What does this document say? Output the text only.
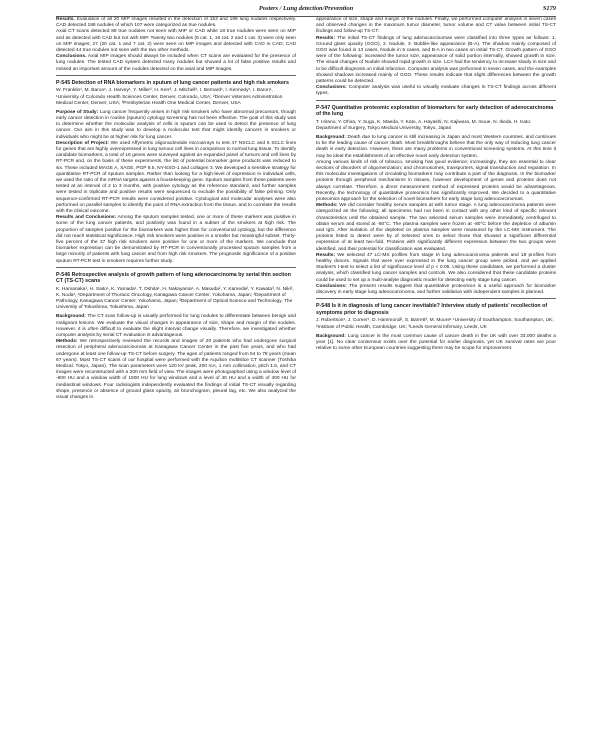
Posters / Lung detection/Prevention	S179

Results. Evaluation of all 20 MIP images resulted in the detection of 153 and 199 lung nodules respectively. CAD detected 186 nodules of which 107 were categorized as true nodules.

Axial CT scans detected 89 true nodules not seen with MIP or CAD while 18 true nodules were seen on MIP and as detected with CAD but not with MIP. Twenty two nodules (5 cat. 1, 16 cat. 2 and 1 cat. 3) were only seen on MIP images; 27 (20 cat. 1 and 7 cat. 2) were seen on MIP images and detected with CAD in CAD; CAD detected 44 true nodules not seen with the two other methods.

Conclusions. Axial MIP images should always be included when CT scans are evaluated for the presence of lung nodules. The tested CAD system detected many nodules but showed a lot of false positive results and missed an important amount of the nodules detected on the axial and MIP images.

P-545 Detection of RNA biomarkers in sputum of lung cancer patients and high risk smokers
W. Franklin¹, M. Baron¹, J. Harvey¹, Y. Miller², H. Kerr², J. Mitchell¹, I. Bernard¹, I. Kennedy¹, I. Baron¹, ¹University of Colorado Health Sciences Center, Denver, Colorado, USA; ²Denver Veterans Administration Medical Center, Denver, USA; ³Presbyterian Health One Medical Center, Denver, USA

Purpose of Study: Lung cancer frequently arises in high risk smokers who have abnormal precursors, though early cancer detection in routine (sputum) cytology screening has not been effective. The goal of this study was to determine whether the molecular analysis of cells in sputum can be used to detect the presence of lung cancer. Our aim in this study was to develop a molecular test that might identify cancers in smokers or individuals who might be at higher risk for lung cancer.

Description of Project: We used Affymetrix oligonucleotide microarrays to test 47 NSCLC and 6 SCLC lines for genes that are highly overexpressed in lung tumour cell lines in comparison to normal lung tissue. To identify candidate biomarkers, a total of 16 genes were surveyed against an expanded panel of tumors and cell lines by RT-PCR and, on the basis of these experiments, the list of potential biomarker gene products was reduced to six. These included MAGE A, XAGE, PGP 9.5, NY-ESO-1 and collagen 3. We developed a sensitive strategy for quantitative RT-PCR of sputum samples. Rather than looking for a high-level of expression in individual cells, we used the ratio of the mRNA targets against a housekeeping gene. Sputum samples from these patients were tested at an interval of 2 to 3 months, with positive cytology as the reference standard, and further samples were tested in triplicate and positive results were sequenced to exclude the possibility of false priming. Only sequence-confirmed RT-PCR results were considered positive. Cytological and molecular analyses were also performed on parallel samples to identify the point of RNA extraction from the tissue, and to correlate the results with the clinical outcome.

Results and Conclusions: Among the sputum samples tested, one or more of these markers was positive in some of the lung cancer patients, and positivity was found in a subset of the smokers at high risk. The proportion of samples positive for the biomarkers was higher than for conventional cytology, but the difference did not reach statistical significance. High risk smokers were positive in a smaller but meaningful subset. Thirty-five percent of the 37 high risk smokers were positive for one or more of the markers. We conclude that biomarker expression can be demonstrated by RT-PCR in conventionally processed sputum samples from a large minority of patients with lung cancer and from high risk smokers. The prognostic significance of a positive sputum RT-PCR test in smokers requires further study.

P-546 Retrospective analysis of growth pattern of lung adenocarcinoma by serial thin section CT (TS-CT) scans
K. Hamanaka¹, H. Saito¹, K. Yamada¹, T. Oshita¹, H. Nakayama¹, A. Masuda², Y. Kameda², Y. Kawata³, N. Niki³, K. Noda¹, ¹Department of Thoracic Oncology, Kanagawa Cancer Center, Yokohama, Japan; ²Department of Pathology, Kanagawa Cancer Center, Yokohama, Japan; ³Department of Optical Science and Technology, The University of Tokushima, Tokushima, Japan

Background: The CT scan follow-up is usually performed for lung nodules to differentiate between benign and malignant lesions. We evaluate the visual changes in appearance of size, shape and margin of the nodules. However, it is often difficult to evaluate the slight interval change visually. Therefore, we investigated whether computer analysis by serial CT evaluation is advantageous.

Methods: We retrospectively reviewed the records and images of 20 patients who had undergone surgical resection of peripheral adenocarcinomas at Kanagawa Cancer Center in the past five years, and who had undergone at least one follow-up TS-CT before surgery. The ages of patients ranged from 54 to 78 years (mean 67 years). Most TS-CT scans of our hospital were performed with the Aquilion multislice CT scanner (Toshiba Medical, Tokyo, Japan). The scan parameters were 120 kV peak, 200 mA, 1 mm collimation, pitch 1.5, and CT images were reconstructed with a 200 mm field of view. The images were photographed using a window level of -600 HU and a window width of 1500 HU for lung windows and a level of 40 HU and a width of 400 HU for mediastinal windows. Four radiologists independently evaluated the findings of initial TS-CT visually regarding shape, presence or absence of ground glass opacity, air bronchogram, pleural tag, etc. We also analyzed the visual changes in

appearance of size, shape and margin of the nodules. Finally, we performed computer analysis in seven cases and observed changes in the maximum tumor diameter, tumor volume and CT value between initial TS-CT findings and follow-up TS-CT.

Results: The initial TS-CT findings of lung adenocarcinomas were classified into three types as follows: 1. Ground glass opacity (GGO), 2. Nodule, 3. Bubble-like appearance (B-A). The shadow mainly composed of GGO was found in 13 cases, Nodule in 5 cases, and B-A in two cases on initial TS-CT. Growth pattern of GGO were of the following: increased the tumor size, appearance of solid portion internally, showed growth in size. The visual changes of Nodule showed rapid growth in size. LCA had the tendency to increase slowly in size and to be difficult diagnosis on initial infarction. Computer analysis was performed in seven cases, and the examples showed shadows increased mainly of GGO. These results indicate that slight differences between the growth patterns could be detected.

Conclusions: Computer analysis was useful to visually evaluate changes in TS-CT findings across different types.

P-547 Quantitative proteomic exploration of biomarkers for early detection of adenocarcinoma of the lung
T. Hirano, Y. Ohira, Y. Sugo, K. Maeda, Y. Kato, A. Hayashi, N. Kajiwara, M. Inoue, N. Ikeda, H. Kato. Department of Surgery, Tokyo Medical University, Tokyo, Japan

Background: Death due to lung cancer is still increasing in Japan and most Western countries, and continues to be the leading cause of cancer death. Most breakthroughs believe that the only way of reducing lung cancer death is early detection. However, there are many problems in conventional screening systems. At this time it may be ideal the establishment of an effective novel early detection system.

Among various kinds of risk of tobacco, smoking has good evidence; increasingly, they are essential to clear sections of disorders of oligomerization; and chromosomes, transporters, signal transduction and regulation. In this molecular investigations of circulating biomarkers may contribute a part of the diagnosis. In the biomarker proteins through peripheral mechanisms in tissues, however development of genes and proteins does not always correlate. Therefore, a direct measurement method of expressed proteins would be advantageous. Recently, the technology of quantitative proteomics has significantly improved. We decided to a quantitative proteomics approach for the selection of novel biomarkers for early stage lung adenocarcinomas.

Methods: We did consider healthy serum samples at with tumor stage. A lung adenocarcinoma patients were categorized as the following; all specimens had not been in contact with any other kind of specific relevant characteristics until the obtained sample. The two selected serum samples were immediately centrifuged to obtain serum and stored at -80°C. The plasma samples were frozen at -80°C before the depletion of albumin and IgG. After isolation of the depleted on plasma samples were measured by the LC-MS instrument. The proteins listed to detect were by of selected ones to select those that showed a significant differential expression of at least two-fold. Proteins with significantly different expression between the two groups were identified, and their potential for classification was evaluated.

Results: We selected 47 LC-MS profiles from stage IA lung adenocarcinoma patients and 18 profiles from healthy donors. Signals that were over expressed in the lung cancer group were picked, and we applied Student's t-test to select a list of significance level of p < 0.05. Using these candidates, we performed a cluster analysis, which classified lung cancer samples and controls. We also considered that these candidate proteins could be used to set up a multi-analyte diagnostic model for detecting early stage lung cancer.

Conclusions: The present results suggest that quantitative proteomics is a useful approach for biomarker discovery in early stage lung adenocarcinoma, and further validation with independent samples is planned.

P-548 Is it in diagnosis of lung cancer inevitable? Interview study of patients' recollection of symptoms prior to diagnosis
J. Robertson¹, J. Corner¹, D. Hammond², S. Barrett³, M. Moore¹ ¹University of Southampton, Southampton, UK; ²Institute of Public Health, Cambridge, UK; ³Leeds General Infirmary, Leeds, UK

Background: Lung cancer is the most common cause of cancer death in the UK with over 33,000 deaths a year [1]. No clear consensus exists over the potential for earlier diagnosis, yet UK survival rates are poor relative to some other European countries suggesting there may be scope for improvement.
